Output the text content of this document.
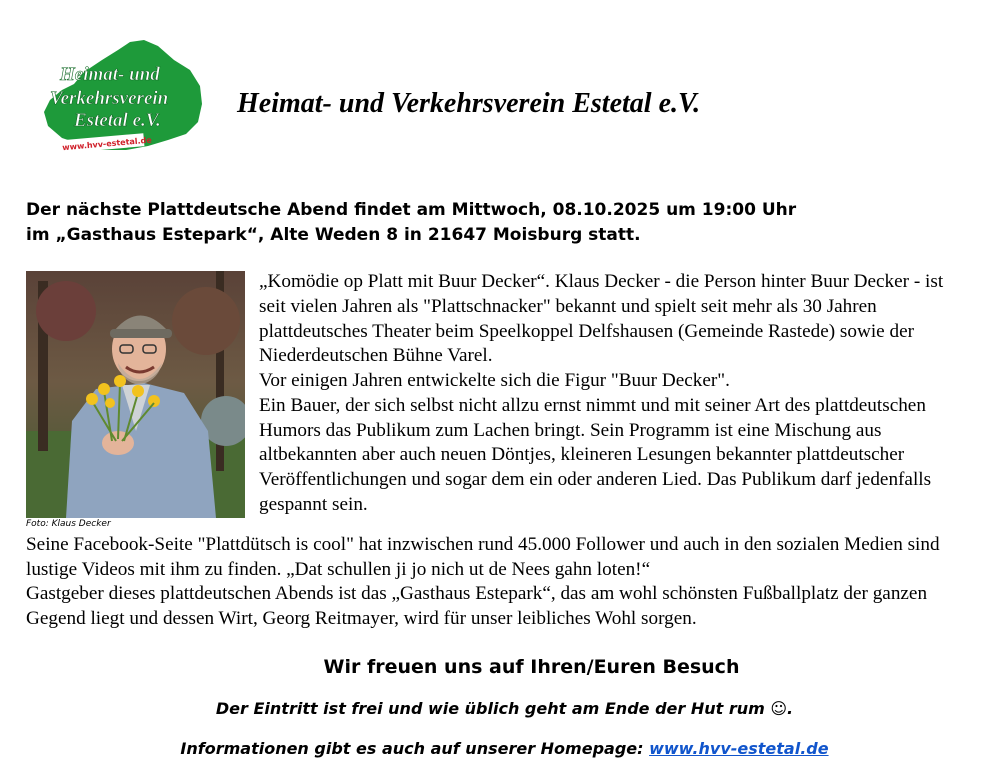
Heimat- und
Verkehrsverein
Estetal e.V.
www.hvv-estetal.de
Heimat- und Verkehrsverein Estetal e.V.
Der nächste Plattdeutsche Abend findet am Mittwoch, 08.10.2025 um 19:00 Uhr
im „Gasthaus Estepark“, Alte Weden 8 in 21647 Moisburg statt.
Foto: Klaus Decker

„Komödie op Platt mit Buur Decker“. Klaus Decker - die Person hinter Buur Decker - ist seit vielen Jahren als "Plattschnacker" bekannt und spielt seit mehr als 30 Jahren plattdeutsches Theater beim Speelkoppel Delfshausen (Gemeinde Rastede) sowie der Niederdeutschen Bühne Varel.

Vor einigen Jahren entwickelte sich die Figur "Buur Decker".

Ein Bauer, der sich selbst nicht allzu ernst nimmt und mit seiner Art des plattdeutschen Humors das Publikum zum Lachen bringt. Sein Programm ist eine Mischung aus altbekannten aber auch neuen Döntjes, kleineren Lesungen bekannter plattdeutscher Veröffentlichungen und sogar dem ein oder anderen Lied. Das Publikum darf jedenfalls gespannt sein.

Seine Facebook-Seite "Plattdütsch is cool" hat inzwischen rund 45.000 Follower und auch in den sozialen Medien sind lustige Videos mit ihm zu finden. „Dat schullen ji jo nich ut de Nees gahn loten!“

Gastgeber dieses plattdeutschen Abends ist das „Gasthaus Estepark“, das am wohl schönsten Fußballplatz der ganzen Gegend liegt und dessen Wirt, Georg Reitmayer, wird für unser leibliches Wohl sorgen.

Wir freuen uns auf Ihren/Euren Besuch
Der Eintritt ist frei und wie üblich geht am Ende der Hut rum ☺.
Informationen gibt es auch auf unserer Homepage: www.hvv-estetal.de
